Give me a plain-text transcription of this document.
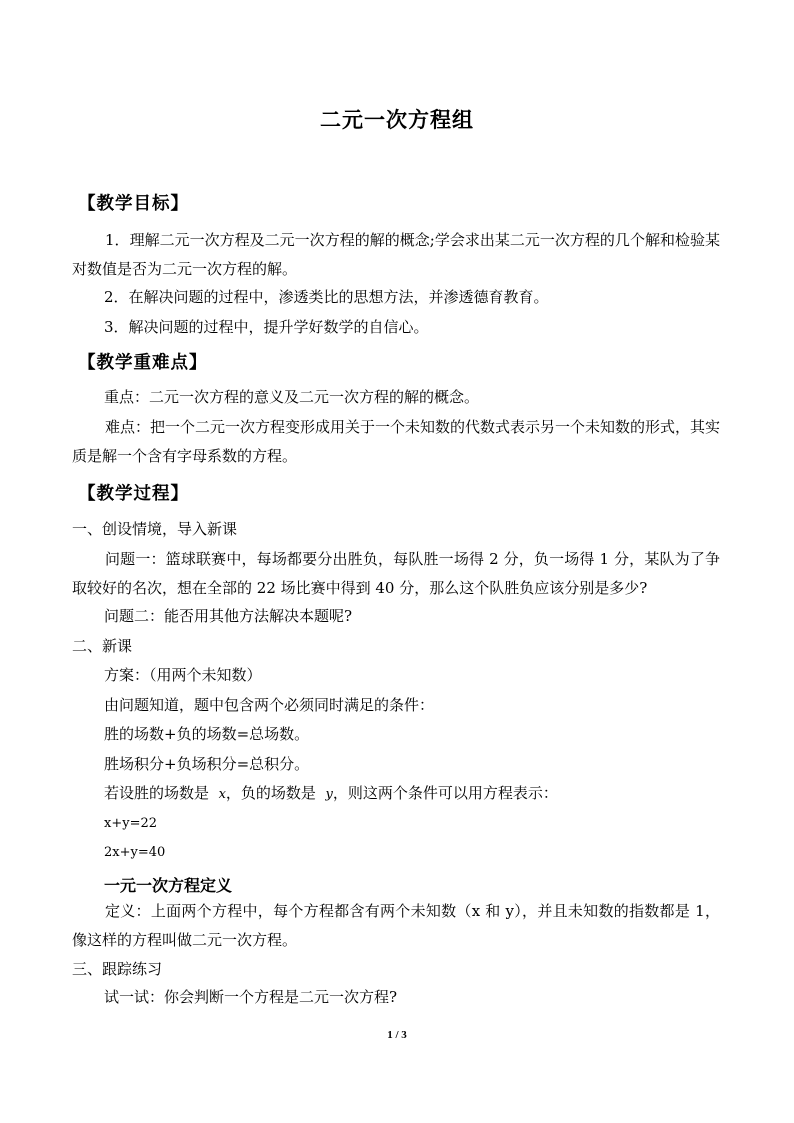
二元一次方程组
【教学目标】
1．理解二元一次方程及二元一次方程的解的概念;学会求出某二元一次方程的几个解和检验某对数值是否为二元一次方程的解。
2．在解决问题的过程中，渗透类比的思想方法，并渗透德育教育。
3．解决问题的过程中，提升学好数学的自信心。
【教学重难点】
重点：二元一次方程的意义及二元一次方程的解的概念。
难点：把一个二元一次方程变形成用关于一个未知数的代数式表示另一个未知数的形式，其实质是解一个含有字母系数的方程。
【教学过程】
一、创设情境，导入新课
问题一：篮球联赛中，每场都要分出胜负，每队胜一场得 2 分，负一场得 1 分，某队为了争取较好的名次，想在全部的 22 场比赛中得到 40 分，那么这个队胜负应该分别是多少?
问题二：能否用其他方法解决本题呢?
二、新课
方案：（用两个未知数）
由问题知道，题中包含两个必须同时满足的条件：
胜的场数+负的场数=总场数。
胜场积分+负场积分=总积分。
若设胜的场数是 x，负的场数是 y，则这两个条件可以用方程表示：
x+y=22
2x+y=40
一元一次方程定义
定义：上面两个方程中，每个方程都含有两个未知数（x 和 y），并且未知数的指数都是 1，像这样的方程叫做二元一次方程。
三、跟踪练习
试一试：你会判断一个方程是二元一次方程?
1 / 3
